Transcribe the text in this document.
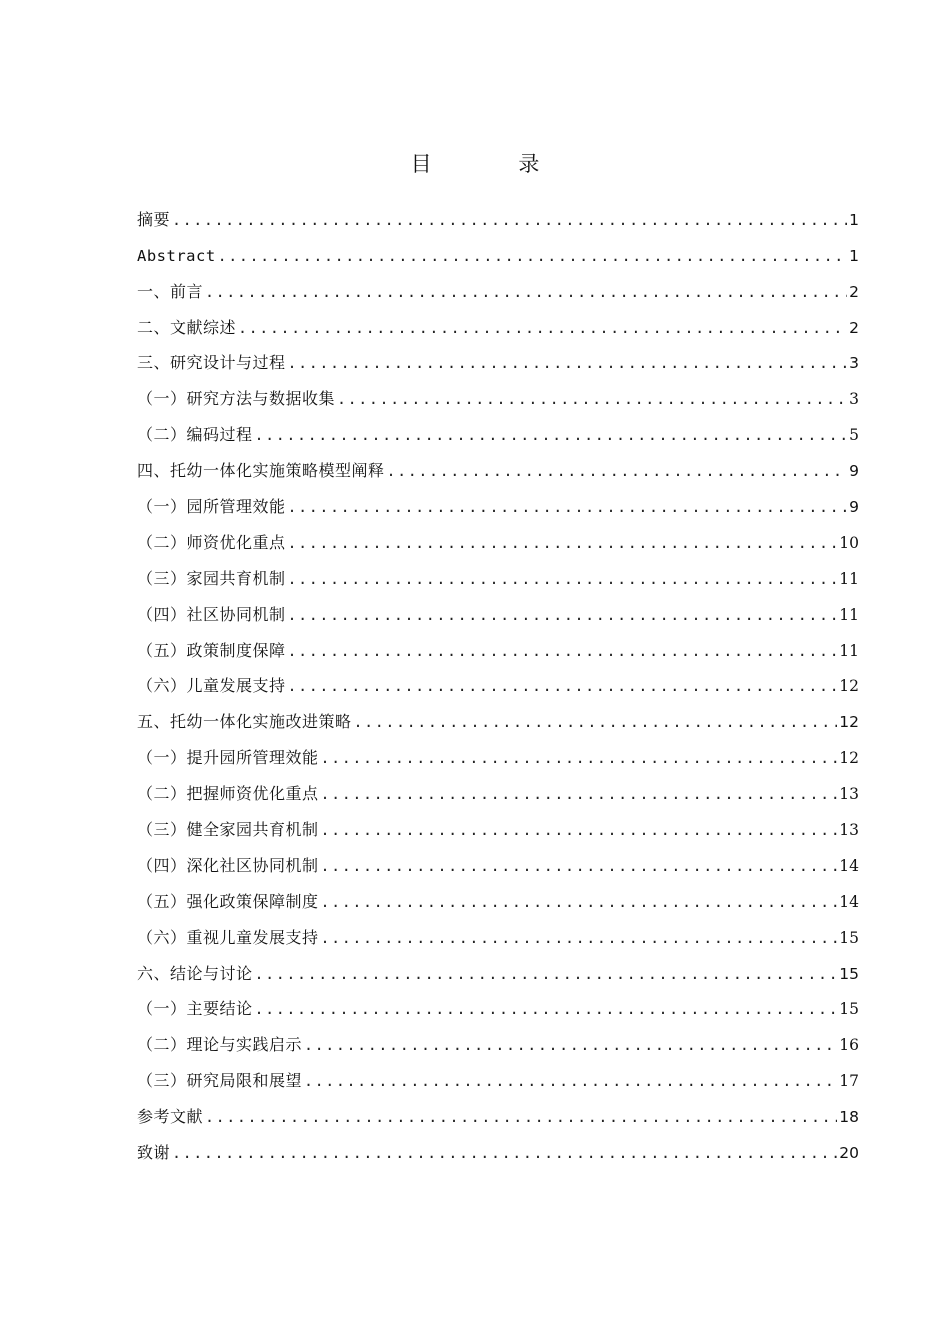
目 录
摘要 .....	1
Abstract .....	1
一、前言 .....	2
二、文献综述 .....	2
三、研究设计与过程 .....	3
（一）研究方法与数据收集 .....	3
（二）编码过程 .....	5
四、托幼一体化实施策略模型阐释 .....	9
（一）园所管理效能 .....	9
（二）师资优化重点 .....	10
（三）家园共育机制 .....	11
（四）社区协同机制 .....	11
（五）政策制度保障 .....	11
（六）儿童发展支持 .....	12
五、托幼一体化实施改进策略 .....	12
（一）提升园所管理效能 .....	12
（二）把握师资优化重点 .....	13
（三）健全家园共育机制 .....	13
（四）深化社区协同机制 .....	14
（五）强化政策保障制度 .....	14
（六）重视儿童发展支持 .....	15
六、结论与讨论 .....	15
（一）主要结论 .....	15
（二）理论与实践启示 .....	16
（三）研究局限和展望 .....	17
参考文献 .....	18
致谢 .....	20
